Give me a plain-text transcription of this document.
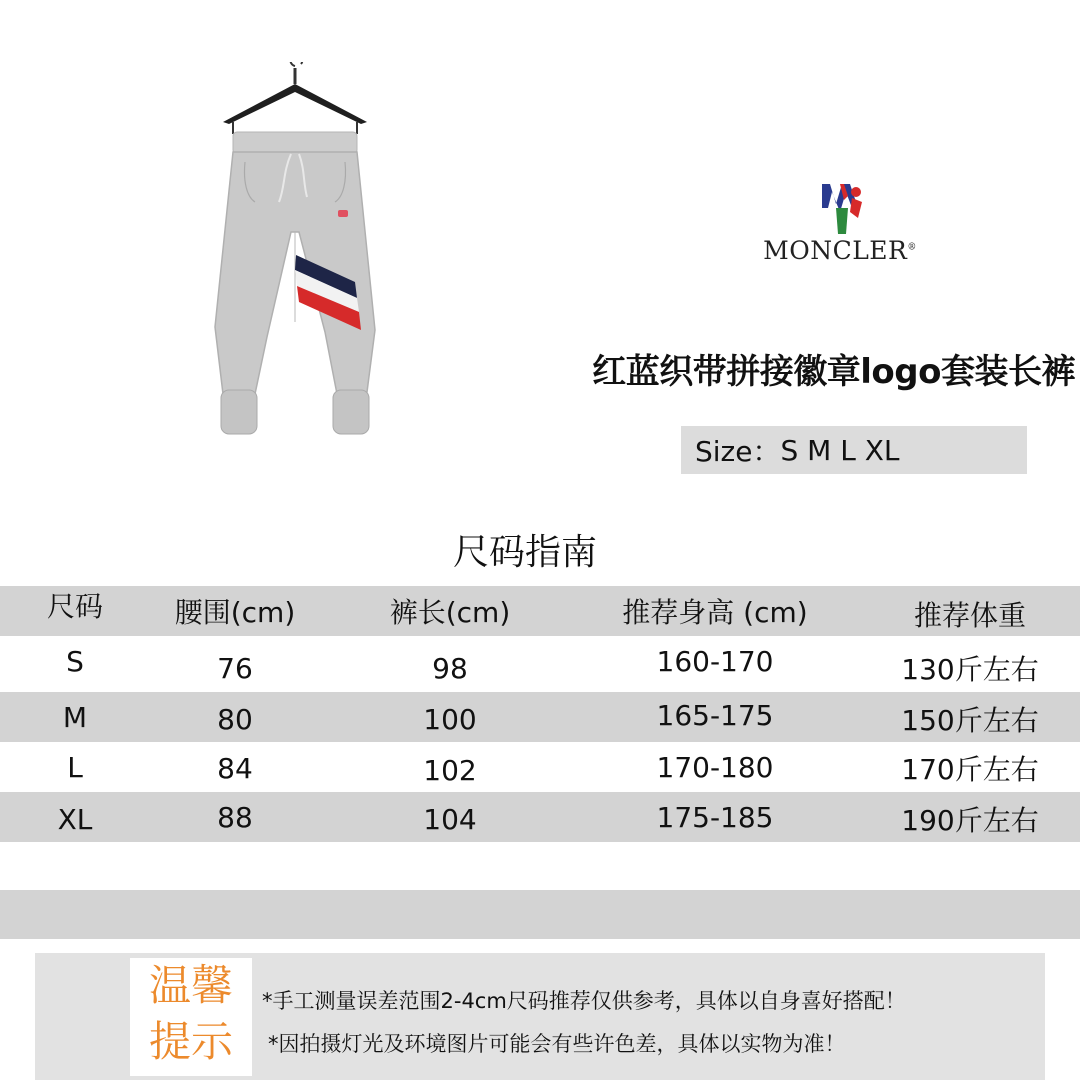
MONCLER®
红蓝织带拼接徽章logo套装长裤
Size： S M L XL
尺码指南
尺码	腰围(cm)	裤长(cm)	推荐身高 (cm)	推荐体重
S	76	98	160-170	130斤左右
M	80	100	165-175	150斤左右
L	84	102	170-180	170斤左右
XL	88	104	175-185	190斤左右
温馨
提示
*手工测量误差范围2-4cm尺码推荐仅供参考，具体以自身喜好搭配！
*因拍摄灯光及环境图片可能会有些许色差，具体以实物为准！
